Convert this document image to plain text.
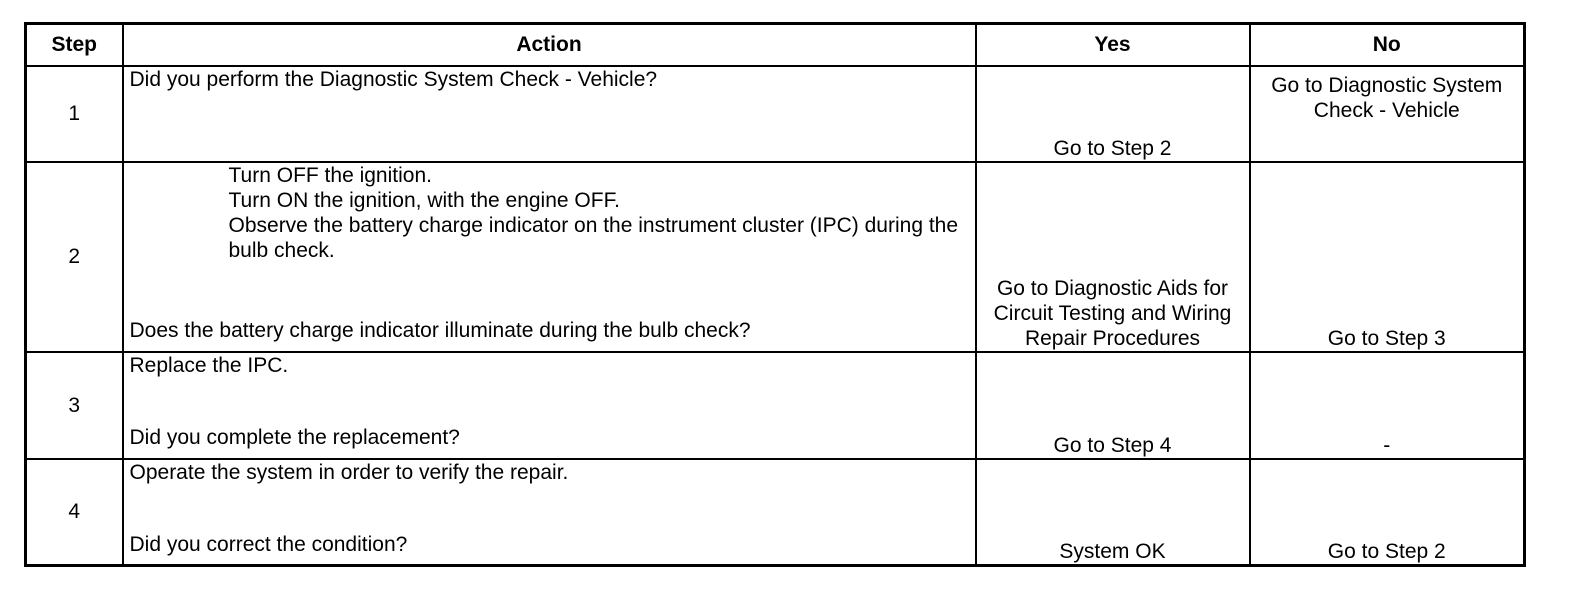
Step	Action	Yes	No
1	Did you perform the Diagnostic System Check - Vehicle?	Go to Step 2	Go to Diagnostic System Check - Vehicle
2	Turn OFF the ignition.
Turn ON the ignition, with the engine OFF.
Observe the battery charge indicator on the instrument cluster (IPC) during the bulb check.
Does the battery charge indicator illuminate during the bulb check?	Go to Diagnostic Aids for Circuit Testing and Wiring Repair Procedures	Go to Step 3
3	Replace the IPC.
Did you complete the replacement?	Go to Step 4	-
4	Operate the system in order to verify the repair.
Did you correct the condition?	System OK	Go to Step 2
